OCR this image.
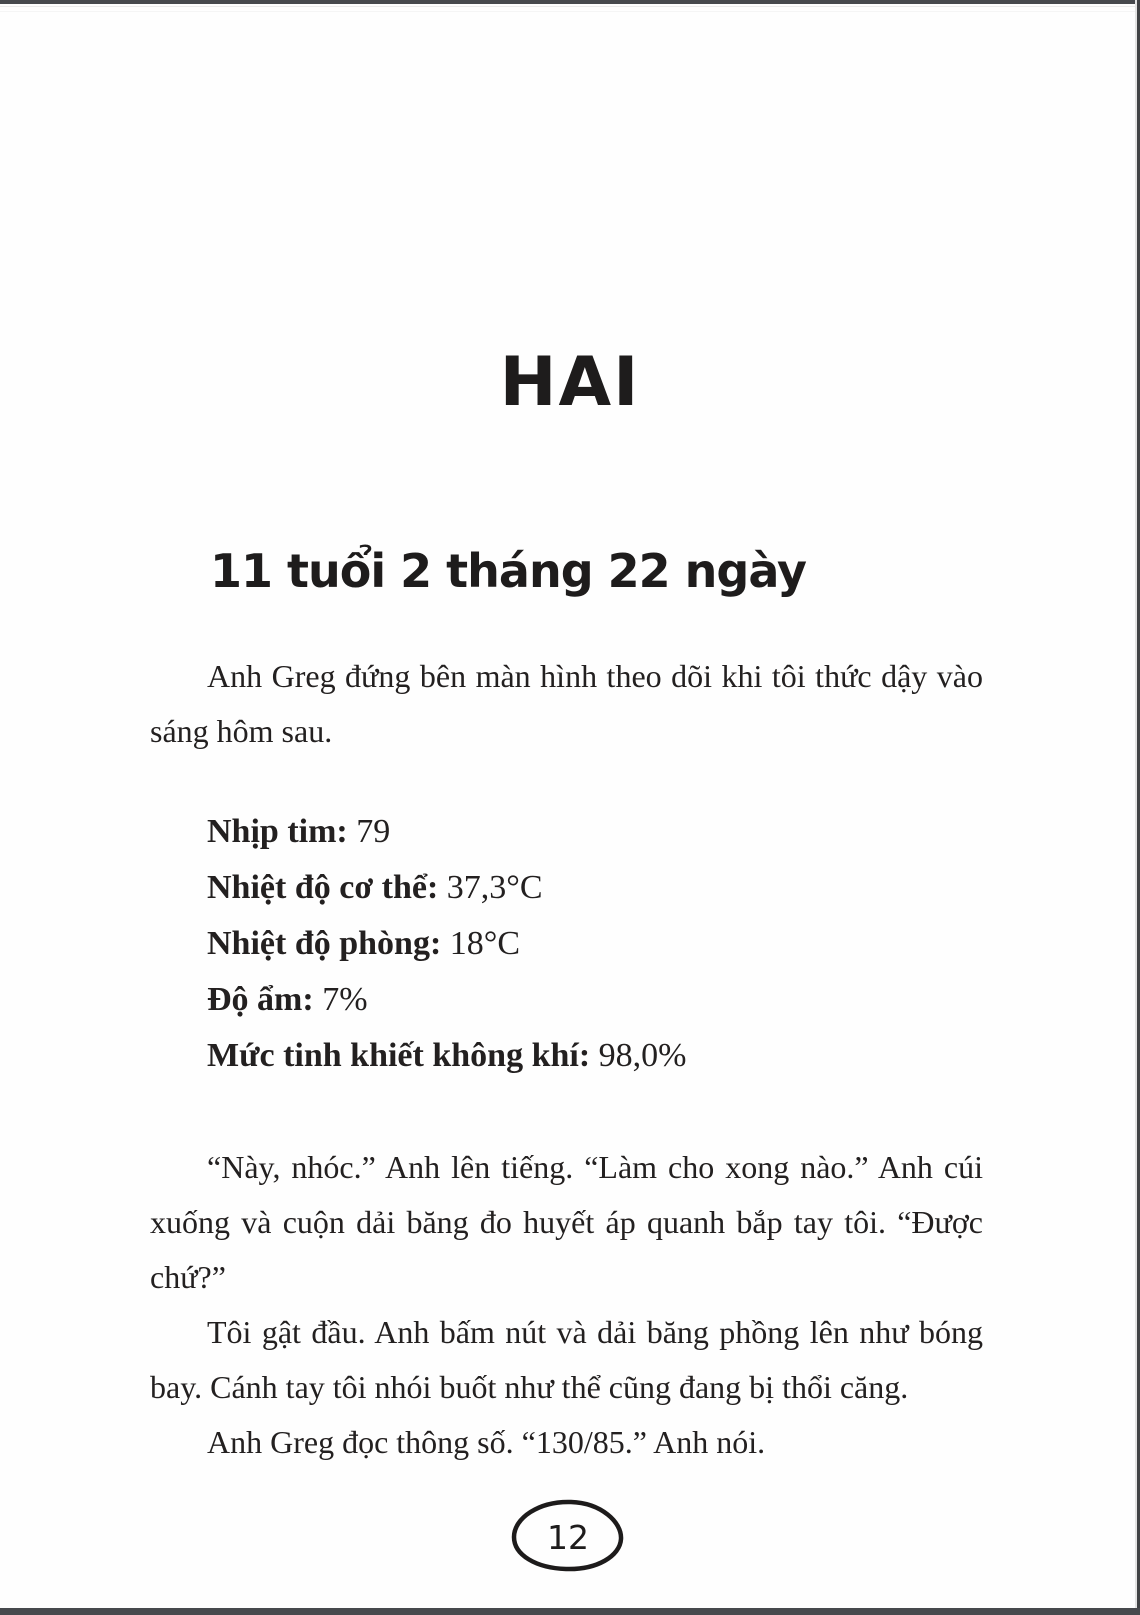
HAI
11 tuổi 2 tháng 22 ngày

Anh Greg đứng bên màn hình theo dõi khi tôi thức dậy vào sáng hôm sau.

Nhịp tim: 79
Nhiệt độ cơ thể: 37,3°C
Nhiệt độ phòng: 18°C
Độ ẩm: 7%
Mức tinh khiết không khí: 98,0%

“Này, nhóc.” Anh lên tiếng. “Làm cho xong nào.” Anh cúi xuống và cuộn dải băng đo huyết áp quanh bắp tay tôi. “Được chứ?”

Tôi gật đầu. Anh bấm nút và dải băng phồng lên như bóng bay. Cánh tay tôi nhói buốt như thể cũng đang bị thổi căng.

Anh Greg đọc thông số. “130/85.” Anh nói.

12
